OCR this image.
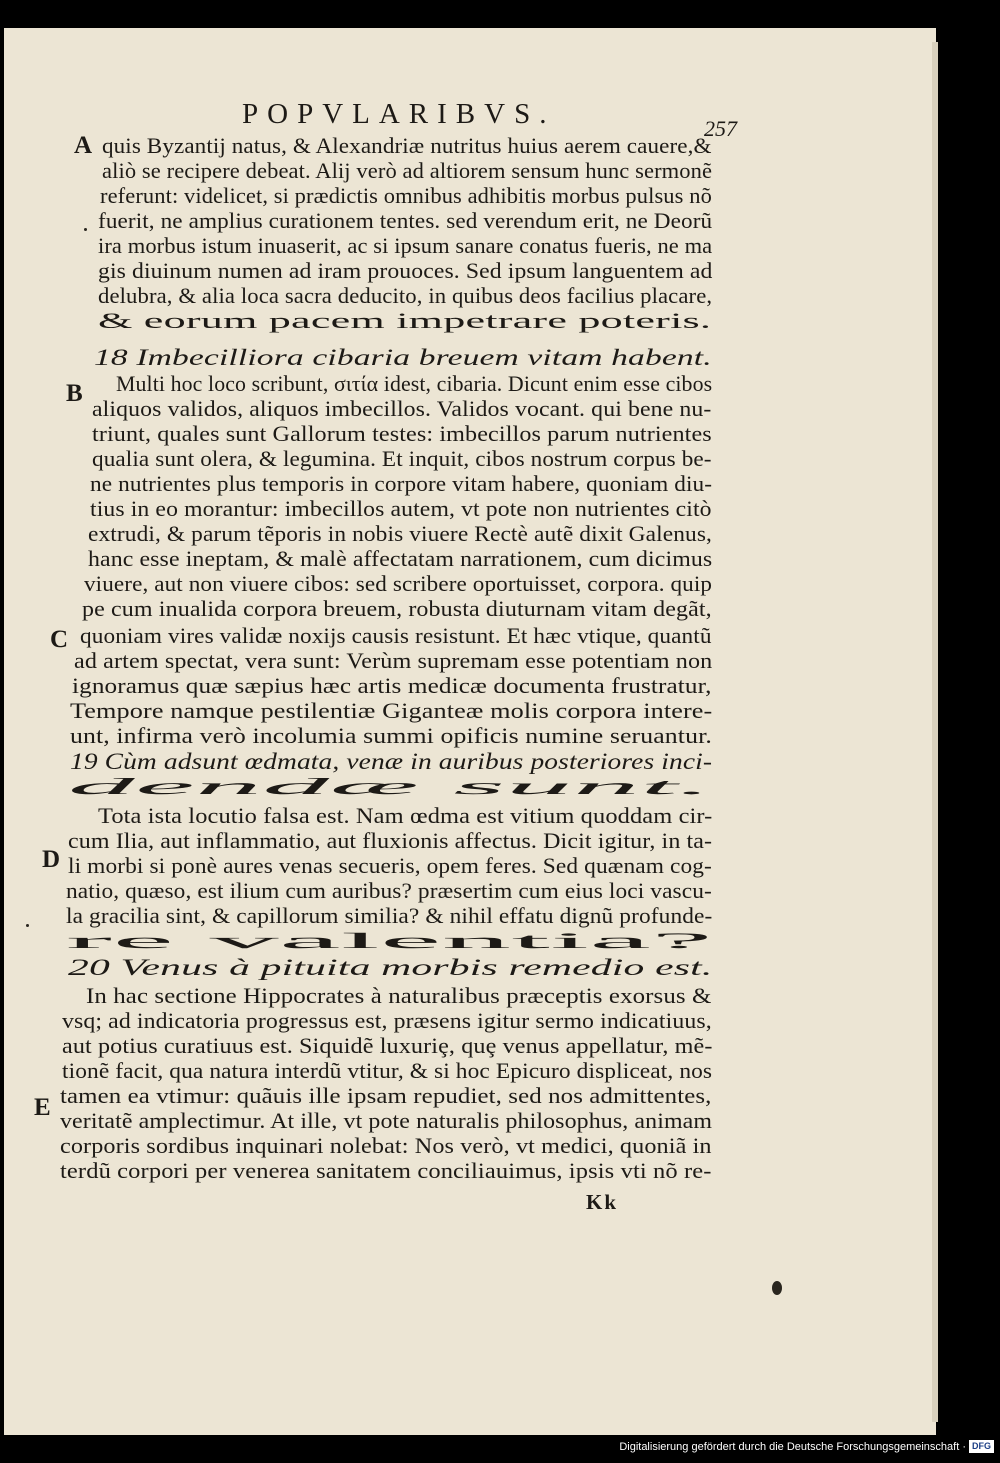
POPVLARIBVS.	257
A
B
C
D
E
quis Byzantij natus, & Alexandriæ nutritus huius aerem cauere,&
aliò se recipere debeat. Alij verò ad altiorem sensum hunc sermonẽ
referunt: videlicet, si prædictis omnibus adhibitis morbus pulsus nõ
fuerit, ne amplius curationem tentes. sed verendum erit, ne Deorũ
ira morbus istum inuaserit, ac si ipsum sanare conatus fueris, ne ma
gis diuinum numen ad iram prouoces. Sed ipsum languentem ad
delubra, & alia loca sacra deducito, in quibus deos facilius placare,
& eorum pacem impetrare poteris.
18 Imbecilliora cibaria breuem vitam habent.
Multi hoc loco scribunt, σιτία idest, cibaria. Dicunt enim esse cibos
aliquos validos, aliquos imbecillos. Validos vocant. qui bene nu-
triunt, quales sunt Gallorum testes: imbecillos parum nutrientes
qualia sunt olera, & legumina. Et inquit, cibos nostrum corpus be-
ne nutrientes plus temporis in corpore vitam habere, quoniam diu-
tius in eo morantur: imbecillos autem, vt pote non nutrientes citò
extrudi, & parum tẽporis in nobis viuere Rectè autẽ dixit Galenus,
hanc esse ineptam, & malè affectatam narrationem, cum dicimus
viuere, aut non viuere cibos: sed scribere oportuisset, corpora. quip
pe cum inualida corpora breuem, robusta diuturnam vitam degãt,
quoniam vires validæ noxijs causis resistunt. Et hæc vtique, quantũ
ad artem spectat, vera sunt: Verùm supremam esse potentiam non
ignoramus quæ sæpius hæc artis medicæ documenta frustratur,
Tempore namque pestilentiæ Giganteæ molis corpora intere-
unt, infirma verò incolumia summi opificis numine seruantur.
19 Cùm adsunt œdmata, venæ in auribus posteriores inci-
dendæ sunt.
Tota ista locutio falsa est. Nam œdma est vitium quoddam cir-
cum Ilia, aut inflammatio, aut fluxionis affectus. Dicit igitur, in ta-
li morbi si ponè aures venas secueris, opem feres. Sed quænam cog-
natio, quæso, est ilium cum auribus? præsertim cum eius loci vascu-
la gracilia sint, & capillorum similia? & nihil effatu dignũ profunde-
re valentia?
20 Venus à pituita morbis remedio est.
In hac sectione Hippocrates à naturalibus præceptis exorsus &
vsq; ad indicatoria progressus est, præsens igitur sermo indicatiuus,
aut potius curatiuus est. Siquidẽ luxuriȩ, quȩ venus appellatur, mẽ-
tionẽ facit, qua natura interdũ vtitur, & si hoc Epicuro displiceat, nos
tamen ea vtimur: quãuis ille ipsam repudiet, sed nos admittentes,
veritatẽ amplectimur. At ille, vt pote naturalis philosophus, animam
corporis sordibus inquinari nolebat: Nos verò, vt medici, quoniã in
terdũ corpori per venerea sanitatem conciliauimus, ipsis vti nõ re-
Kk
Digitalisierung gefördert durch die Deutsche Forschungsgemeinschaft · DFG
